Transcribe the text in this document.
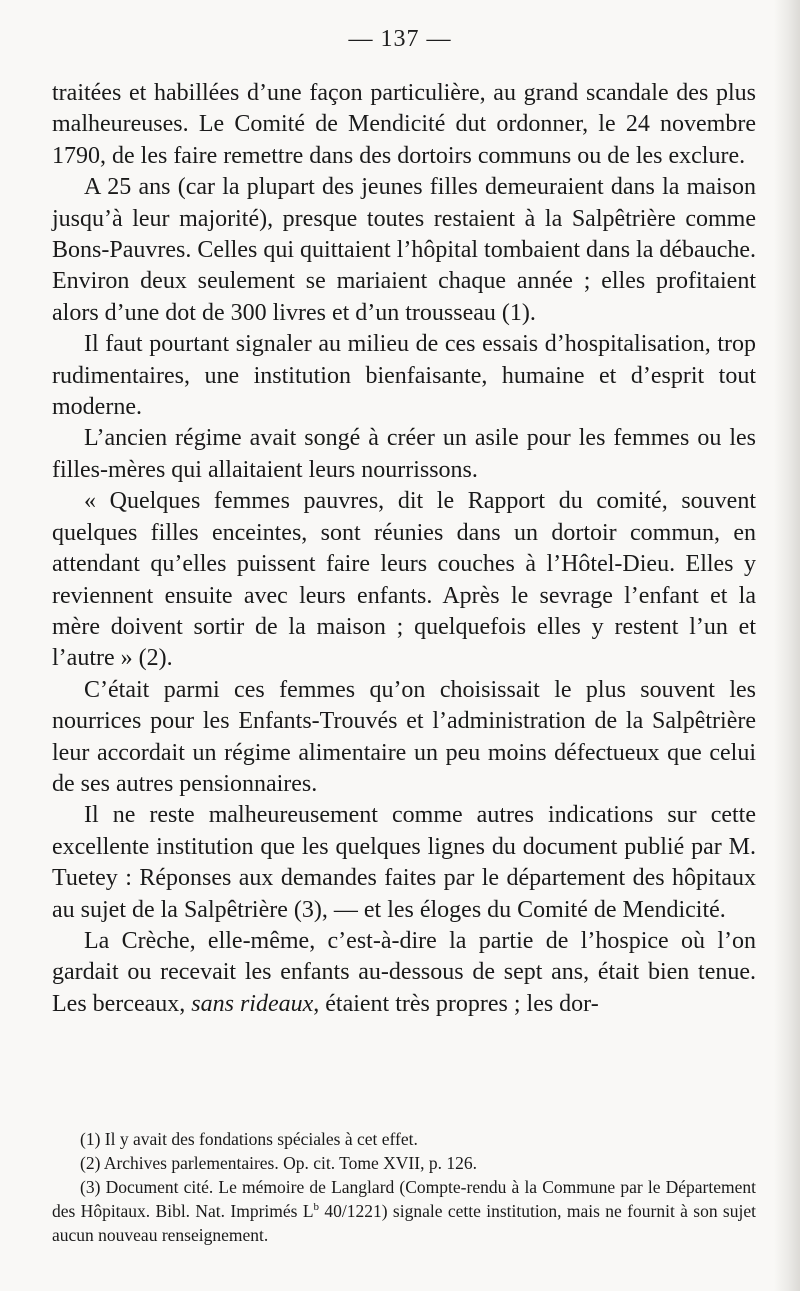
— 137 —

traitées et habillées d’une façon particulière, au grand scandale des plus malheureuses. Le Comité de Mendicité dut ordonner, le 24 novembre 1790, de les faire remettre dans des dortoirs communs ou de les exclure.

A 25 ans (car la plupart des jeunes filles demeuraient dans la maison jusqu’à leur majorité), presque toutes restaient à la Salpêtrière comme Bons-Pauvres. Celles qui quittaient l’hôpital tombaient dans la débauche. Environ deux seulement se mariaient chaque année ; elles profitaient alors d’une dot de 300 livres et d’un trousseau (1).

Il faut pourtant signaler au milieu de ces essais d’hospitalisation, trop rudimentaires, une institution bienfaisante, humaine et d’esprit tout moderne.

L’ancien régime avait songé à créer un asile pour les femmes ou les filles-mères qui allaitaient leurs nourrissons.

« Quelques femmes pauvres, dit le Rapport du comité, souvent quelques filles enceintes, sont réunies dans un dortoir commun, en attendant qu’elles puissent faire leurs couches à l’Hôtel-Dieu. Elles y reviennent ensuite avec leurs enfants. Après le sevrage l’enfant et la mère doivent sortir de la maison ; quelquefois elles y restent l’un et l’autre » (2).

C’était parmi ces femmes qu’on choisissait le plus souvent les nourrices pour les Enfants-Trouvés et l’administration de la Salpêtrière leur accordait un régime alimentaire un peu moins défectueux que celui de ses autres pensionnaires.

Il ne reste malheureusement comme autres indications sur cette excellente institution que les quelques lignes du document publié par M. Tuetey : Réponses aux demandes faites par le département des hôpitaux au sujet de la Salpêtrière (3), — et les éloges du Comité de Mendicité.

La Crèche, elle-même, c’est-à-dire la partie de l’hospice où l’on gardait ou recevait les enfants au-dessous de sept ans, était bien tenue. Les berceaux, sans rideaux, étaient très propres ; les dor-

(1) Il y avait des fondations spéciales à cet effet.

(2) Archives parlementaires. Op. cit. Tome XVII, p. 126.

(3) Document cité. Le mémoire de Langlard (Compte-rendu à la Commune par le Département des Hôpitaux. Bibl. Nat. Imprimés $L^b$ 40/1221) signale cette institution, mais ne fournit à son sujet aucun nouveau renseignement.
